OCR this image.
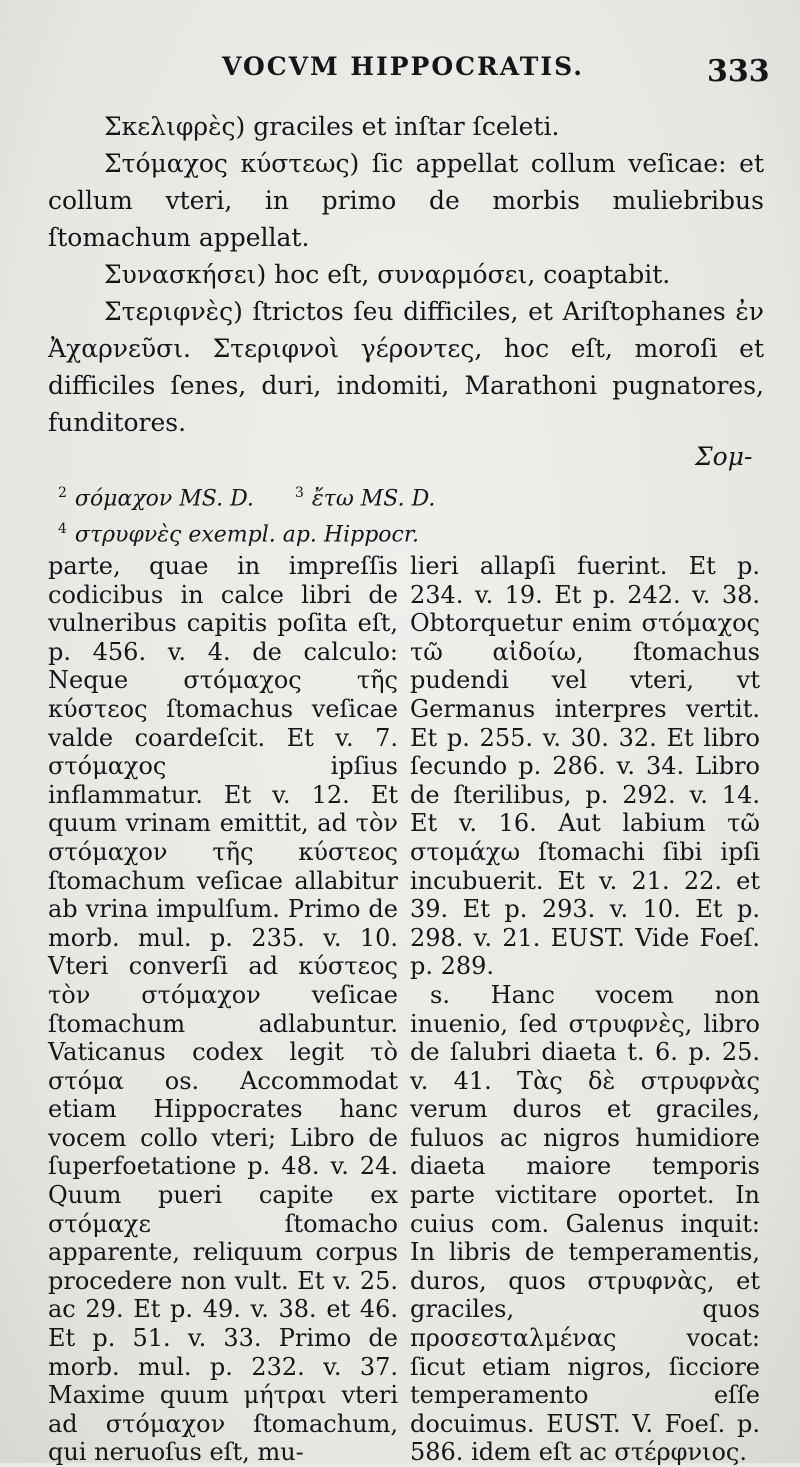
VOCVM HIPPOCRATIS.	333

Σκελιφρὲς) graciles et inſtar ſceleti.

Στόμαχος κύστεως) ſic appellat collum veſicae: et collum vteri, in primo de morbis muliebribus ſtomachum appellat.

Συνασκήσει) hoc eſt, συναρμόσει, coaptabit.

Στεριφνὲς) ſtrictos ſeu difficiles, et Ariſtophanes ἐν Ἀχαρνεῦσι. Στεριφνοὶ γέροντες, hoc eſt, moroſi et difficiles ſenes, duri, indomiti, Marathoni pugnatores, funditores.

Σομ-
$^2$ σόμαχον MS. D.	$^3$ ἔτω MS. D. $^4$ στρυφνὲς exempl. ap. Hippocr.

parte, quae in impreſſis codicibus in calce libri de vulneribus capitis poſita eſt, p. 456. v. 4. de calculo: Neque στόμαχος τῆς κύστεος ſtomachus veſicae valde coardeſcit. Et v. 7. στόμαχος ipſius inflammatur. Et v. 12. Et quum vrinam emittit, ad τὸν στόμαχον τῆς κύστεος ſtomachum veſicae allabitur ab vrina impulſum. Primo de morb. mul. p. 235. v. 10. Vteri converſi ad κύστεος τὸν στόμαχον veſicae ſtomachum adlabuntur. Vaticanus codex legit τὸ στόμα os. Accommodat etiam Hippocrates hanc vocem collo vteri; Libro de ſuperfoetatione p. 48. v. 24. Quum pueri capite ex στόμαχε ſtomacho apparente, reliquum corpus procedere non vult. Et v. 25. ac 29. Et p. 49. v. 38. et 46. Et p. 51. v. 33. Primo de morb. mul. p. 232. v. 37. Maxime quum μήτραι vteri ad στόμαχον ſtomachum, qui neruoſus eſt, mu-

lieri allapſi fuerint. Et p. 234. v. 19. Et p. 242. v. 38. Obtorquetur enim στόμαχος τῶ αἰδοίω, ſtomachus pudendi vel vteri, vt Germanus interpres vertit. Et p. 255. v. 30. 32. Et libro ſecundo p. 286. v. 34. Libro de ſterilibus, p. 292. v. 14. Et v. 16. Aut labium τῶ στομάχω ſtomachi ſibi ipſi incubuerit. Et v. 21. 22. et 39. Et p. 293. v. 10. Et p. 298. v. 21. EUST. Vide Foeſ. p. 289.

s. Hanc vocem non inuenio, ſed στρυφνὲς, libro de ſalubri diaeta t. 6. p. 25. v. 41. Τὰς δὲ στρυφνὰς verum duros et graciles, fuluos ac nigros humidiore diaeta maiore temporis parte victitare oportet. In cuius com. Galenus inquit: In libris de temperamentis, duros, quos στρυφνὰς, et graciles, quos προσεσταλμένας vocat: ſicut etiam nigros, ſicciore temperamento eſſe docuimus. EUST. V. Foeſ. p. 586. idem eſt ac στέρφνιος.
